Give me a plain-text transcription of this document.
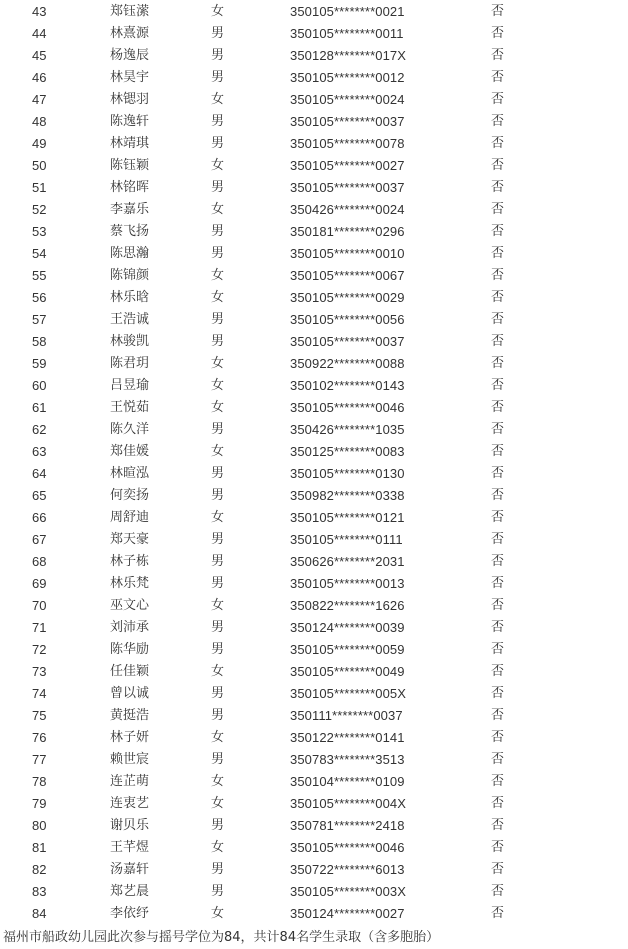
43	郑钰潆	女	350105********0021	否
44	林熹源	男	350105********0011	否
45	杨逸辰	男	350128********017X	否
46	林昊宇	男	350105********0012	否
47	林锶羽	女	350105********0024	否
48	陈逸轩	男	350105********0037	否
49	林靖琪	男	350105********0078	否
50	陈钰颖	女	350105********0027	否
51	林铭晖	男	350105********0037	否
52	李嘉乐	女	350426********0024	否
53	蔡飞扬	男	350181********0296	否
54	陈思瀚	男	350105********0010	否
55	陈锦颜	女	350105********0067	否
56	林乐晗	女	350105********0029	否
57	王浩诚	男	350105********0056	否
58	林骏凯	男	350105********0037	否
59	陈君玥	女	350922********0088	否
60	吕昱瑜	女	350102********0143	否
61	王悦茹	女	350105********0046	否
62	陈久洋	男	350426********1035	否
63	郑佳媛	女	350125********0083	否
64	林暄泓	男	350105********0130	否
65	何奕扬	男	350982********0338	否
66	周舒迪	女	350105********0121	否
67	郑天豪	男	350105********0111	否
68	林子栋	男	350626********2031	否
69	林乐梵	男	350105********0013	否
70	巫文心	女	350822********1626	否
71	刘沛承	男	350124********0039	否
72	陈华励	男	350105********0059	否
73	任佳颖	女	350105********0049	否
74	曾以诚	男	350105********005X	否
75	黄挺浩	男	350111********0037	否
76	林子妍	女	350122********0141	否
77	赖世宸	男	350783********3513	否
78	连芷萌	女	350104********0109	否
79	连衷艺	女	350105********004X	否
80	谢贝乐	男	350781********2418	否
81	王芊煜	女	350105********0046	否
82	汤嘉轩	男	350722********6013	否
83	郑艺晨	男	350105********003X	否
84	李依纾	女	350124********0027	否
福州市船政幼儿园此次参与摇号学位为84，共计84名学生录取（含多胞胎）
